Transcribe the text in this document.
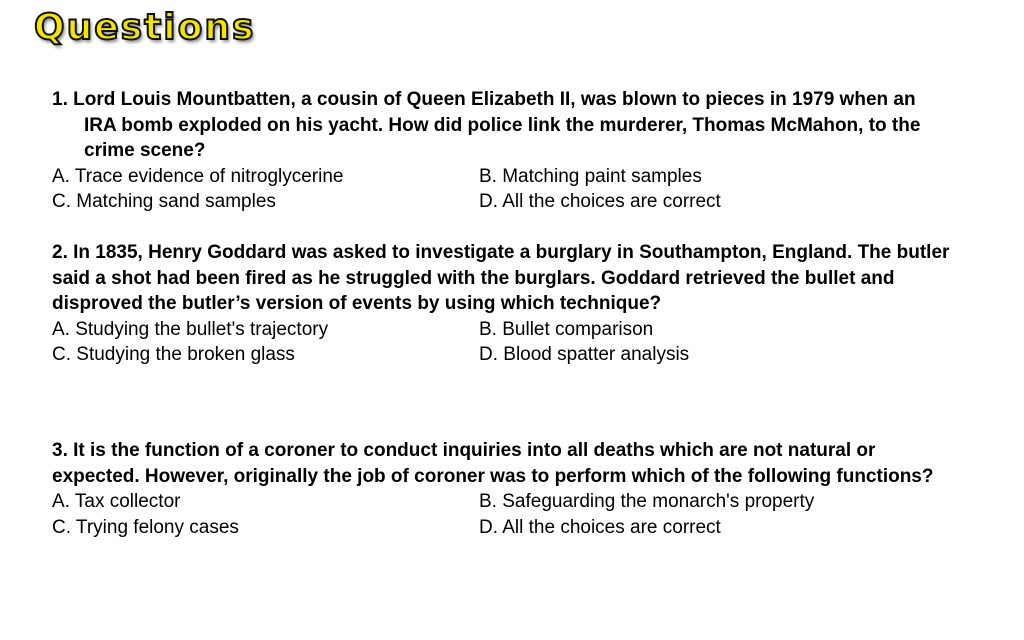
Questions
1. Lord Louis Mountbatten, a cousin of Queen Elizabeth II, was blown to pieces in 1979 when an IRA bomb exploded on his yacht. How did police link the murderer, Thomas McMahon, to the crime scene?
A. Trace evidence of nitroglycerine	B. Matching paint samples
C. Matching sand samples	D. All the choices are correct
2. In 1835, Henry Goddard was asked to investigate a burglary in Southampton, England. The butler said a shot had been fired as he struggled with the burglars. Goddard retrieved the bullet and disproved the butler’s version of events by using which technique?
A. Studying the bullet's trajectory	B. Bullet comparison
C. Studying the broken glass	D. Blood spatter analysis
3. It is the function of a coroner to conduct inquiries into all deaths which are not natural or expected. However, originally the job of coroner was to perform which of the following functions?
A. Tax collector	B. Safeguarding the monarch's property
C. Trying felony cases	D. All the choices are correct
